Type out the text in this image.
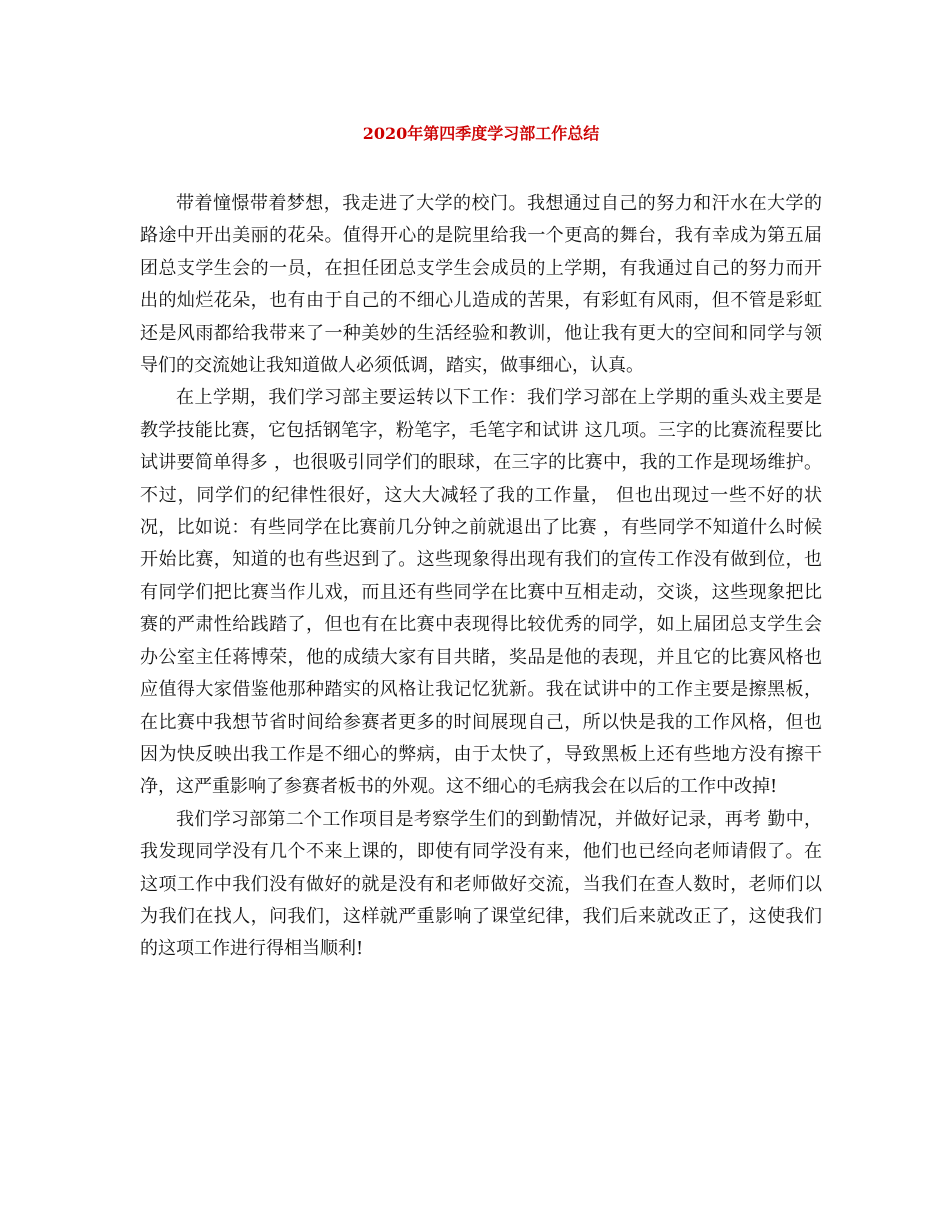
2020年第四季度学习部工作总结

带着憧憬带着梦想，我走进了大学的校门。我想通过自己的努力和汗水在大学的路途中开出美丽的花朵。值得开心的是院里给我一个更高的舞台，我有幸成为第五届团总支学生会的一员，在担任团总支学生会成员的上学期，有我通过自己的努力而开出的灿烂花朵，也有由于自己的不细心儿造成的苦果，有彩虹有风雨，但不管是彩虹还是风雨都给我带来了一种美妙的生活经验和教训，他让我有更大的空间和同学与领导们的交流她让我知道做人必须低调，踏实，做事细心，认真。

在上学期，我们学习部主要运转以下工作：我们学习部在上学期的重头戏主要是教学技能比赛，它包括钢笔字，粉笔字，毛笔字和试讲 这几项。三字的比赛流程要比试讲要简单得多 ，也很吸引同学们的眼球，在三字的比赛中，我的工作是现场维护。不过，同学们的纪律性很好，这大大减轻了我的工作量， 但也出现过一些不好的状况，比如说：有些同学在比赛前几分钟之前就退出了比赛 ，有些同学不知道什么时候开始比赛，知道的也有些迟到了。这些现象得出现有我们的宣传工作没有做到位，也有同学们把比赛当作儿戏，而且还有些同学在比赛中互相走动，交谈，这些现象把比赛的严肃性给践踏了，但也有在比赛中表现得比较优秀的同学，如上届团总支学生会办公室主任蒋博荣，他的成绩大家有目共睹，奖品是他的表现，并且它的比赛风格也应值得大家借鉴他那种踏实的风格让我记忆犹新。我在试讲中的工作主要是擦黑板，在比赛中我想节省时间给参赛者更多的时间展现自己，所以快是我的工作风格，但也因为快反映出我工作是不细心的弊病，由于太快了，导致黑板上还有些地方没有擦干净，这严重影响了参赛者板书的外观。这不细心的毛病我会在以后的工作中改掉!

我们学习部第二个工作项目是考察学生们的到勤情况，并做好记录，再考 勤中，我发现同学没有几个不来上课的，即使有同学没有来，他们也已经向老师请假了。在这项工作中我们没有做好的就是没有和老师做好交流，当我们在查人数时，老师们以为我们在找人，问我们，这样就严重影响了课堂纪律，我们后来就改正了，这使我们的这项工作进行得相当顺利!
